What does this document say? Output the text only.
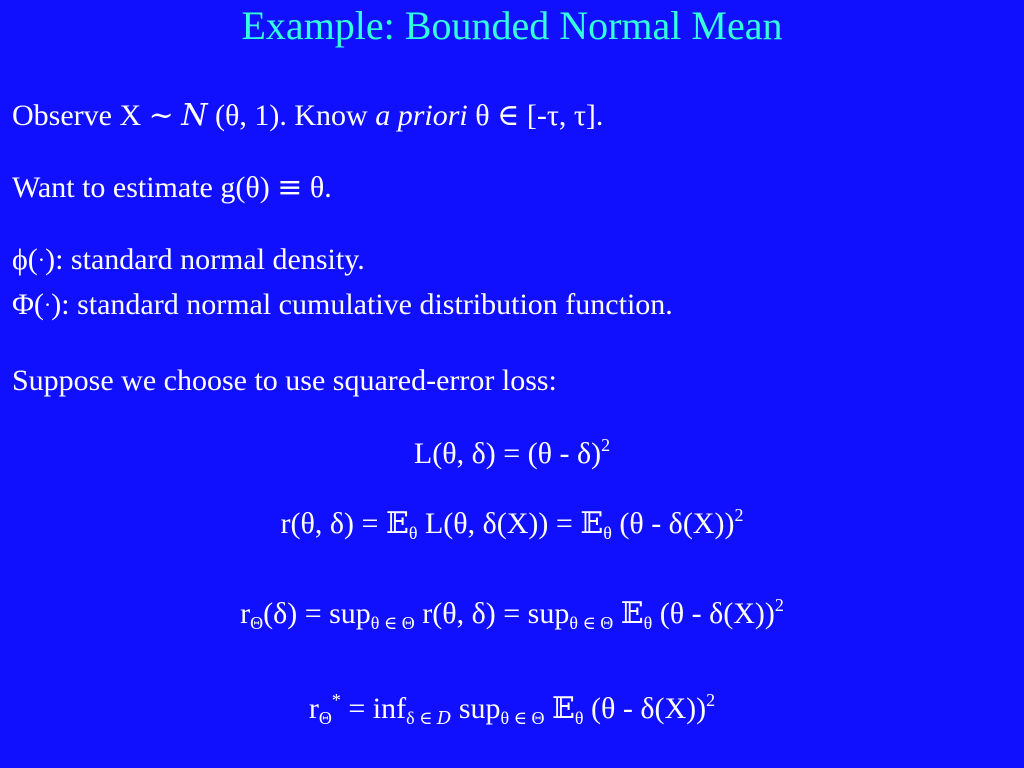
Example: Bounded Normal Mean
Observe X ~ N (θ, 1). Know a priori θ ∈ [-τ, τ].
Want to estimate g(θ) ≡ θ.
ϕ(·): standard normal density.
Φ(·): standard normal cumulative distribution function.
Suppose we choose to use squared-error loss:
L(θ, δ) = (θ - δ)$^2$
r(θ, δ) = 𝔼$_\theta$ L(θ, δ(X)) = 𝔼$_\theta$ (θ - δ(X))$^2$
$r_\Theta(\delta) = sup_{\theta \in \Theta}$ r(θ, δ) = sup$_{\theta \in \Theta}$ 𝔼$_\theta$ (θ - δ(X))$^2$
$r_\Theta^* = inf_{\delta \in D}$ sup$_{\theta \in \Theta}$ 𝔼$_\theta$ (θ - δ(X))$^2$
